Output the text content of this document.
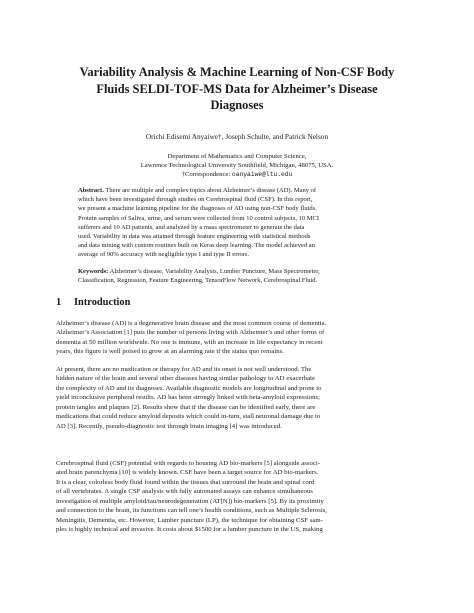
Variability Analysis & Machine Learning of Non-CSF Body
Fluids SELDI-TOF-MS Data for Alzheimer’s Disease
Diagnoses
Orichi Edisemi Anyaiwe†, Joseph Schulte, and Patrick Nelson
Department of Mathematics and Computer Science,
Lawrence Technological University Southfield, Michigan, 48075, USA.
†Correspondence: oanyaiwe@ltu.edu
Abstract. There are multiple and complex topics about Alzheimer’s disease (AD). Many of
which have been investigated through studies on Cerebrospinal fluid (CSF). In this report,
we present a machine learning pipeline for the diagnoses of AD using non-CSF body fluids.
Protein samples of Saliva, urine, and serum were collected from 10 control subjects, 10 MCI
sufferers and 10 AD patients, and analyzed by a mass spectrometer to generate the data
used. Variability in data was attained through feature engineering with statistical methods
and data mining with custom routines built on Keras deep learning. The model achieved an
average of 90% accuracy with negligible type I and type II errors.
Keywords: Alzheimer’s disease, Variability Analysis, Lumber Puncture, Mass Spectrometer,
Classification, Regression, Feature Engineering, TensorFlow Network, Cerebrospinal Fluid.
1 Introduction
Alzheimer’s disease (AD) is a degenerative brain disease and the most common course of dementia.
Alzheimer’s Association [1] puts the number of persons living with Alzheimer’s and other forms of
dementia at 50 million worldwide. No one is immune, with an increase in life expectancy in recent
years, this figure is well poised to grow at an alarming rate if the status quo remains.
At present, there are no medication or therapy for AD and its onset is not well understood. The
hidden nature of the brain and several other diseases having similar pathology to AD exacerbate
the complexity of AD and its diagnoses. Available diagnostic models are longitudinal and prone to
yield inconclusive peripheral results. AD has been strongly linked with beta-amyloid expressions;
protein tangles and plaques [2]. Results show that if the disease can be identified early, there are
medications that could reduce amyloid deposits which could in-turn, stall neuronal damage due to
AD [3]. Recently, pseudo-diagnostic test through brain imaging [4] was introduced.
Cerebrospinal fluid (CSF) potential with regards to housing AD bio-markers [5] alongside associ-
ated brain parenchyma [10] is widely known. CSF have been a target source for AD bio-markers.
It is a clear, colorless body fluid found within the tissues that surround the brain and spinal cord
of all vertebrates. A single CSF analysis with fully automated assays can enhance simultaneous
investigation of multiple amyloid/tau/neurodegeneration (AT[N]) bio-markers [5]. By its proximity
and connection to the brain, its functions can tell one’s health conditions, such as Multiple Sclerosis,
Meningitis, Dementia, etc. However, Lumber puncture (LP), the technique for obtaining CSF sam-
ples is highly technical and invasive. It costs about $1500 for a lumber puncture in the US, making
